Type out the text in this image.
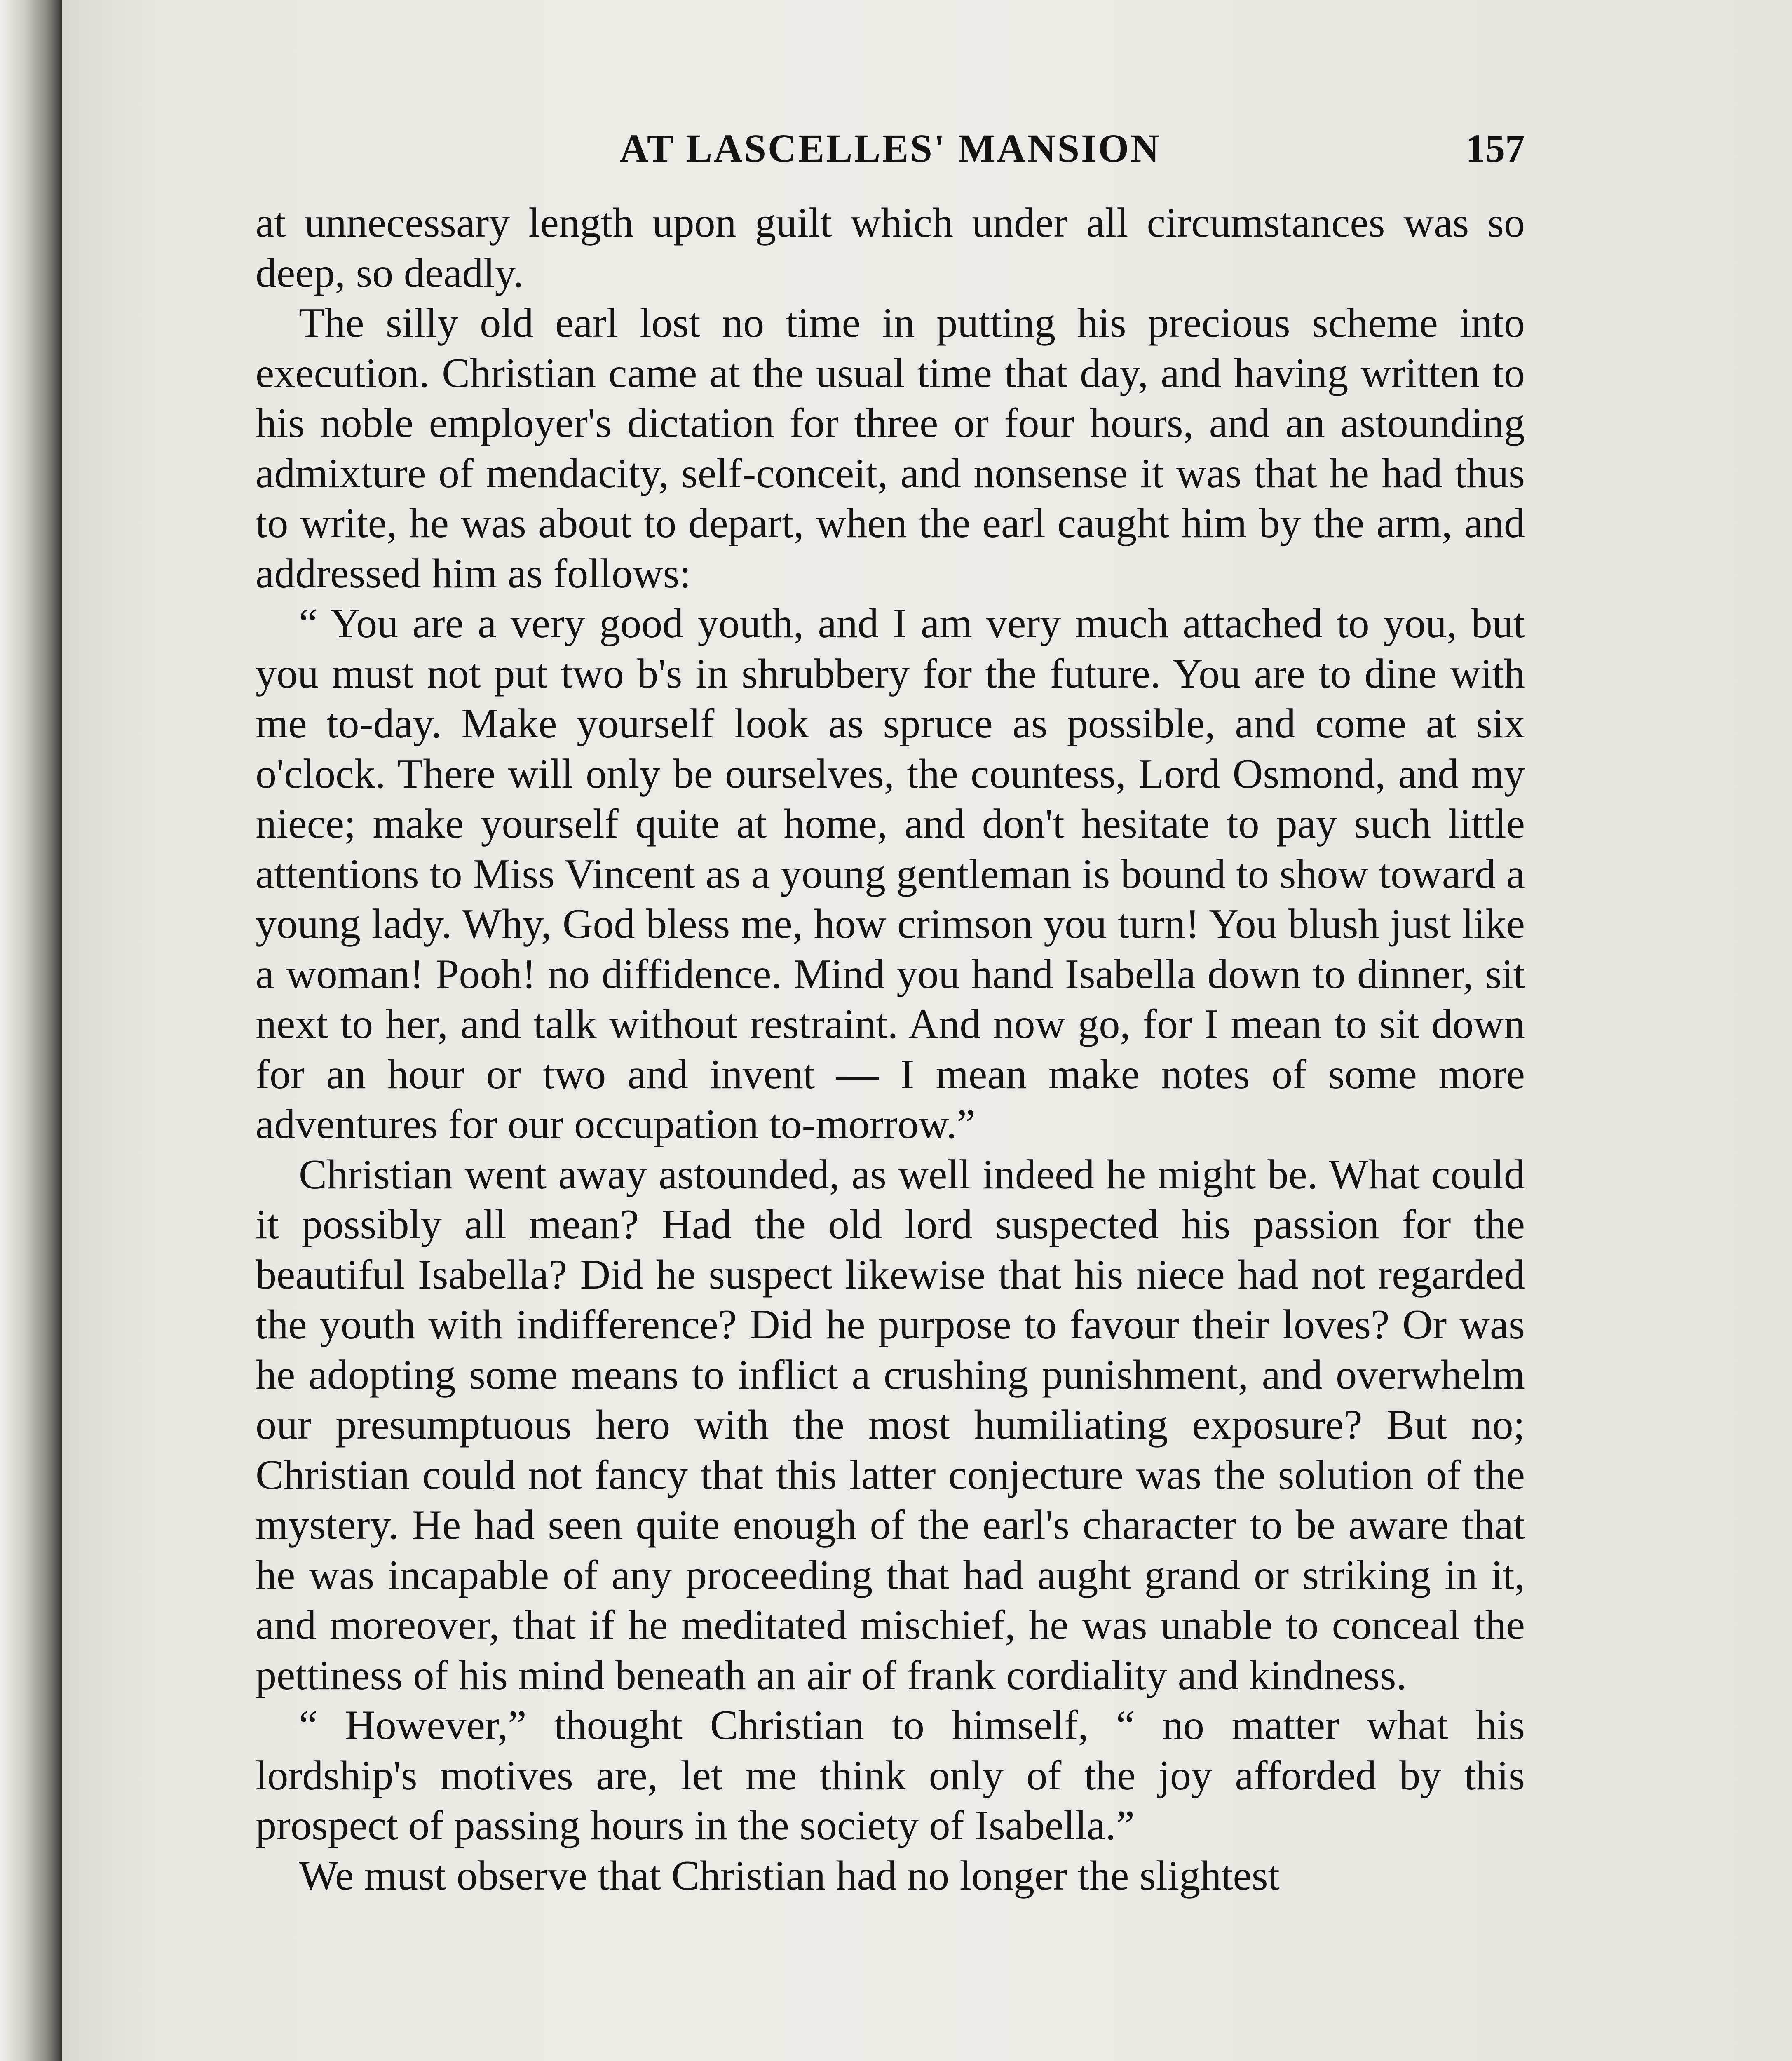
AT LASCELLES' MANSION	157

at unnecessary length upon guilt which under all circumstances was so deep, so deadly.

The silly old earl lost no time in putting his precious scheme into execution. Christian came at the usual time that day, and having written to his noble employer's dictation for three or four hours, and an astounding admixture of mendacity, self-conceit, and nonsense it was that he had thus to write, he was about to depart, when the earl caught him by the arm, and addressed him as follows:

“ You are a very good youth, and I am very much attached to you, but you must not put two b's in shrubbery for the future. You are to dine with me to-day. Make yourself look as spruce as possible, and come at six o'clock. There will only be ourselves, the countess, Lord Osmond, and my niece; make yourself quite at home, and don't hesitate to pay such little attentions to Miss Vincent as a young gentleman is bound to show toward a young lady. Why, God bless me, how crimson you turn! You blush just like a woman! Pooh! no diffidence. Mind you hand Isabella down to dinner, sit next to her, and talk without restraint. And now go, for I mean to sit down for an hour or two and invent — I mean make notes of some more adventures for our occupation to-morrow.”

Christian went away astounded, as well indeed he might be. What could it possibly all mean? Had the old lord suspected his passion for the beautiful Isabella? Did he suspect likewise that his niece had not regarded the youth with indifference? Did he purpose to favour their loves? Or was he adopting some means to inflict a crushing punishment, and overwhelm our presumptuous hero with the most humiliating exposure? But no; Christian could not fancy that this latter conjecture was the solution of the mystery. He had seen quite enough of the earl's character to be aware that he was incapable of any proceeding that had aught grand or striking in it, and moreover, that if he meditated mischief, he was unable to conceal the pettiness of his mind beneath an air of frank cordiality and kindness.

“ However,” thought Christian to himself, “ no matter what his lordship's motives are, let me think only of the joy afforded by this prospect of passing hours in the society of Isabella.”

We must observe that Christian had no longer the slightest
